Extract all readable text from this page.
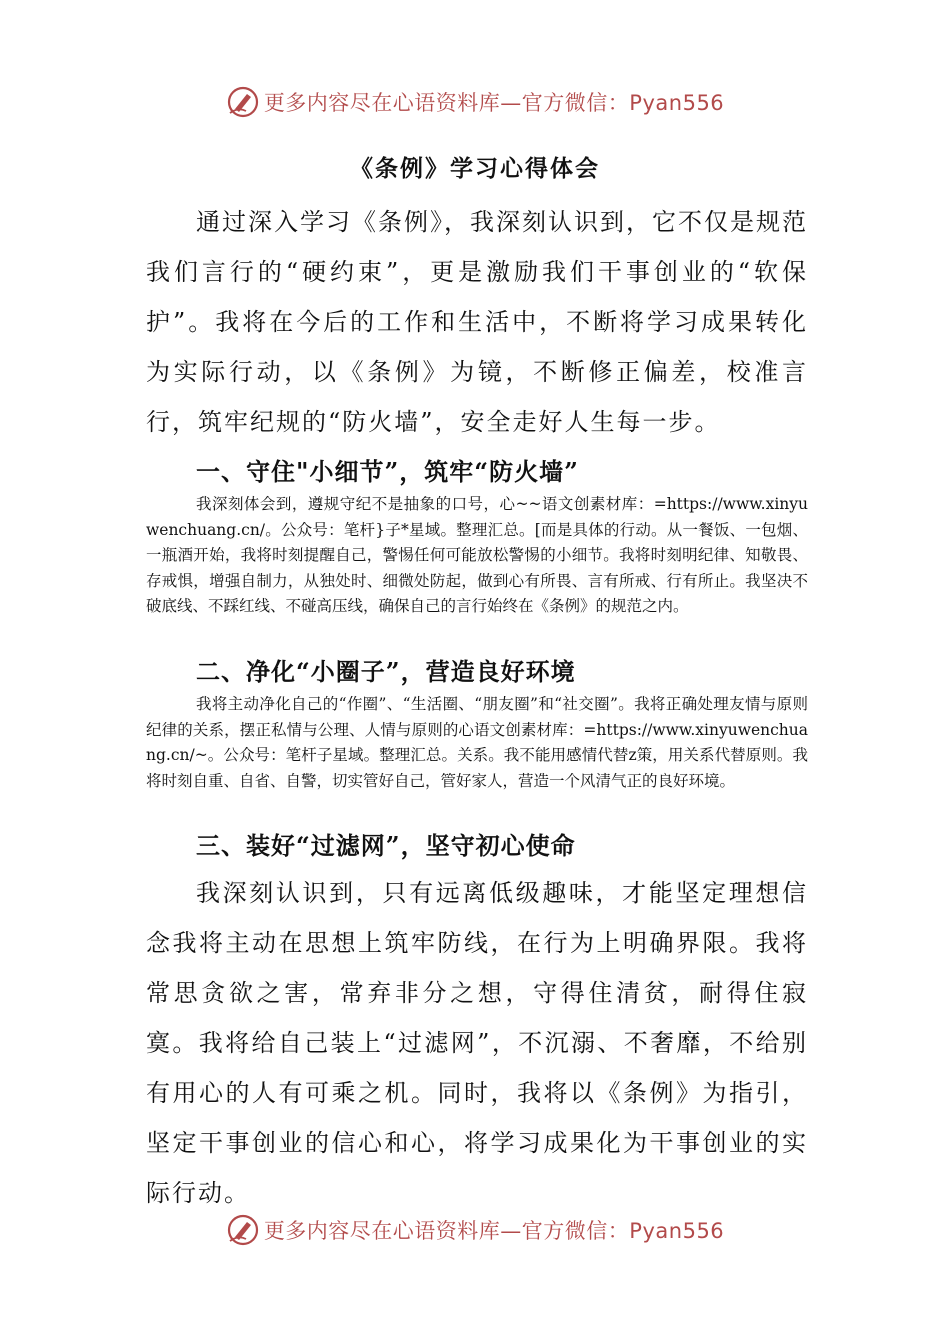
更多内容尽在心语资料库—官方微信：Pyan556
《条例》学习心得体会

通过深入学习《条例》，我深刻认识到，它不仅是规范我们言行的“硬约束”，更是激励我们干事创业的“软保护”。我将在今后的工作和生活中，不断将学习成果转化为实际行动，以《条例》为镜，不断修正偏差，校准言行，筑牢纪规的“防火墙”，安全走好人生每一步。

一、守住"小细节”，筑牢“防火墙”

我深刻体会到，遵规守纪不是抽象的口号，心~~语文创素材库：=https://www.xinyuwenchuang.cn/。公众号：笔杆}子*星域。整理汇总。[而是具体的行动。从一餐饭、一包烟、一瓶酒开始，我将时刻提醒自己，警惕任何可能放松警惕的小细节。我将时刻明纪律、知敬畏、存戒惧，增强自制力，从独处时、细微处防起，做到心有所畏、言有所戒、行有所止。我坚决不破底线、不踩红线、不碰高压线，确保自己的言行始终在《条例》的规范之内。

二、净化“小圈子”，营造良好环境

我将主动净化自己的“作圈”、“生活圈、“朋友圈”和“社交圈”。我将正确处理友情与原则纪律的关系，摆正私情与公理、人情与原则的心语文创素材库：=https://www.xinyuwenchuang.cn/~。公众号：笔杆子星域。整理汇总。关系。我不能用感情代替z策，用关系代替原则。我将时刻自重、自省、自警，切实管好自己，管好家人，营造一个风清气正的良好环境。

三、装好“过滤网”，坚守初心使命

我深刻认识到，只有远离低级趣味，才能坚定理想信念我将主动在思想上筑牢防线，在行为上明确界限。我将常思贪欲之害，常弃非分之想，守得住清贫，耐得住寂寞。我将给自己装上“过滤网”，不沉溺、不奢靡，不给别有用心的人有可乘之机。同时，我将以《条例》为指引，坚定干事创业的信心和心，将学习成果化为干事创业的实际行动。

更多内容尽在心语资料库—官方微信：Pyan556
